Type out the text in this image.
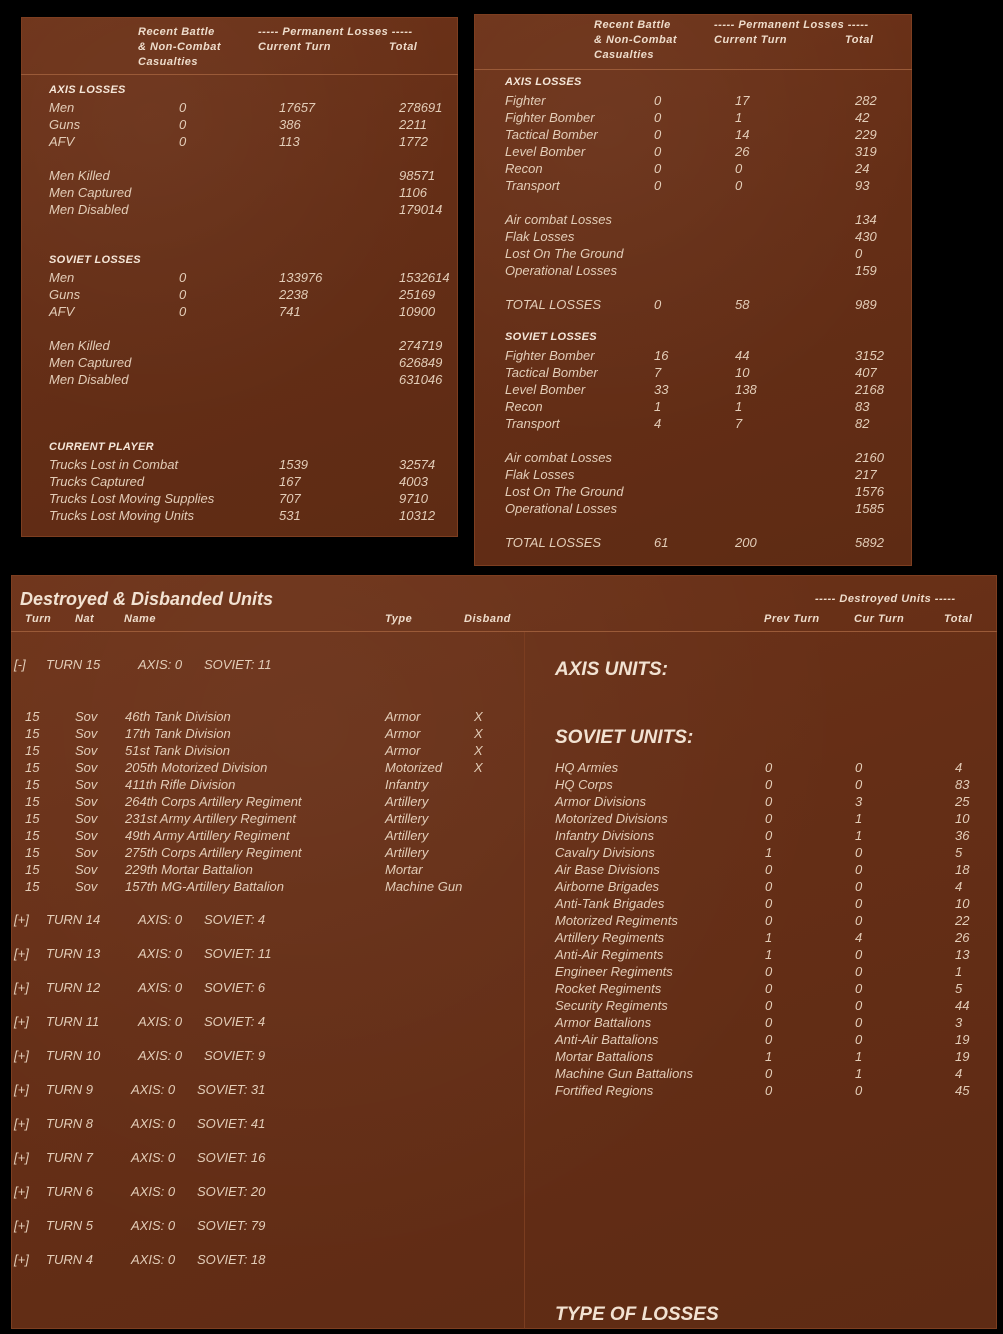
Recent Battle
& Non-Combat
Casualties
----- Permanent Losses -----
Current Turn	Total
AXIS LOSSES
Men	0	17657	278691
Guns	0	386	2211
AFV	0	113	1772
Men Killed	98571
Men Captured	1106
Men Disabled	179014
SOVIET LOSSES
Men	0	133976	1532614
Guns	0	2238	25169
AFV	0	741	10900
Men Killed	274719
Men Captured	626849
Men Disabled	631046
CURRENT PLAYER
Trucks Lost in Combat	1539	32574
Trucks Captured	167	4003
Trucks Lost Moving Supplies	707	9710
Trucks Lost Moving Units	531	10312
Recent Battle
& Non-Combat
Casualties
----- Permanent Losses -----
Current Turn	Total
AXIS LOSSES
Fighter	0	17	282
Fighter Bomber	0	1	42
Tactical Bomber	0	14	229
Level Bomber	0	26	319
Recon	0	0	24
Transport	0	0	93
Air combat Losses	134
Flak Losses	430
Lost On The Ground	0
Operational Losses	159
TOTAL LOSSES	0	58	989
SOVIET LOSSES
Fighter Bomber	16	44	3152
Tactical Bomber	7	10	407
Level Bomber	33	138	2168
Recon	1	1	83
Transport	4	7	82
Air combat Losses	2160
Flak Losses	217
Lost On The Ground	1576
Operational Losses	1585
TOTAL LOSSES	61	200	5892
Destroyed & Disbanded Units
Turn Nat	Name	Type	Disband
----- Destroyed Units -----
Prev Turn	Cur Turn	Total
[-] TURN 15	AXIS: 0 SOVIET: 11
15	Sov 46th Tank Division	Armor	X
15	Sov 17th Tank Division	Armor	X
15	Sov 51st Tank Division	Armor	X
15	Sov 205th Motorized Division	Motorized X
15	Sov 411th Rifle Division	Infantry
15	Sov 264th Corps Artillery Regiment	Artillery
15	Sov 231st Army Artillery Regiment	Artillery
15	Sov 49th Army Artillery Regiment	Artillery
15	Sov 275th Corps Artillery Regiment	Artillery
15	Sov 229th Mortar Battalion	Mortar
15	Sov 157th MG-Artillery Battalion	Machine Gun
[+] TURN 14	AXIS: 0 SOVIET: 4
[+] TURN 13	AXIS: 0 SOVIET: 11
[+] TURN 12	AXIS: 0 SOVIET: 6
[+] TURN 11	AXIS: 0 SOVIET: 4
[+] TURN 10	AXIS: 0 SOVIET: 9
[+] TURN 9	AXIS: 0 SOVIET: 31
[+] TURN 8	AXIS: 0 SOVIET: 41
[+] TURN 7	AXIS: 0 SOVIET: 16
[+] TURN 6	AXIS: 0 SOVIET: 20
[+] TURN 5	AXIS: 0 SOVIET: 79
[+] TURN 4	AXIS: 0 SOVIET: 18
AXIS UNITS:
SOVIET UNITS:
HQ Armies	0	0	4
HQ Corps	0	0	83
Armor Divisions	0	3	25
Motorized Divisions	0	1	10
Infantry Divisions	0	1	36
Cavalry Divisions	1	0	5
Air Base Divisions	0	0	18
Airborne Brigades	0	0	4
Anti-Tank Brigades	0	0	10
Motorized Regiments	0	0	22
Artillery Regiments	1	4	26
Anti-Air Regiments	1	0	13
Engineer Regiments	0	0	1
Rocket Regiments	0	0	5
Security Regiments	0	0	44
Armor Battalions	0	0	3
Anti-Air Battalions	0	0	19
Mortar Battalions	1	1	19
Machine Gun Battalions	0	1	4
Fortified Regions	0	0	45
TYPE OF LOSSES
